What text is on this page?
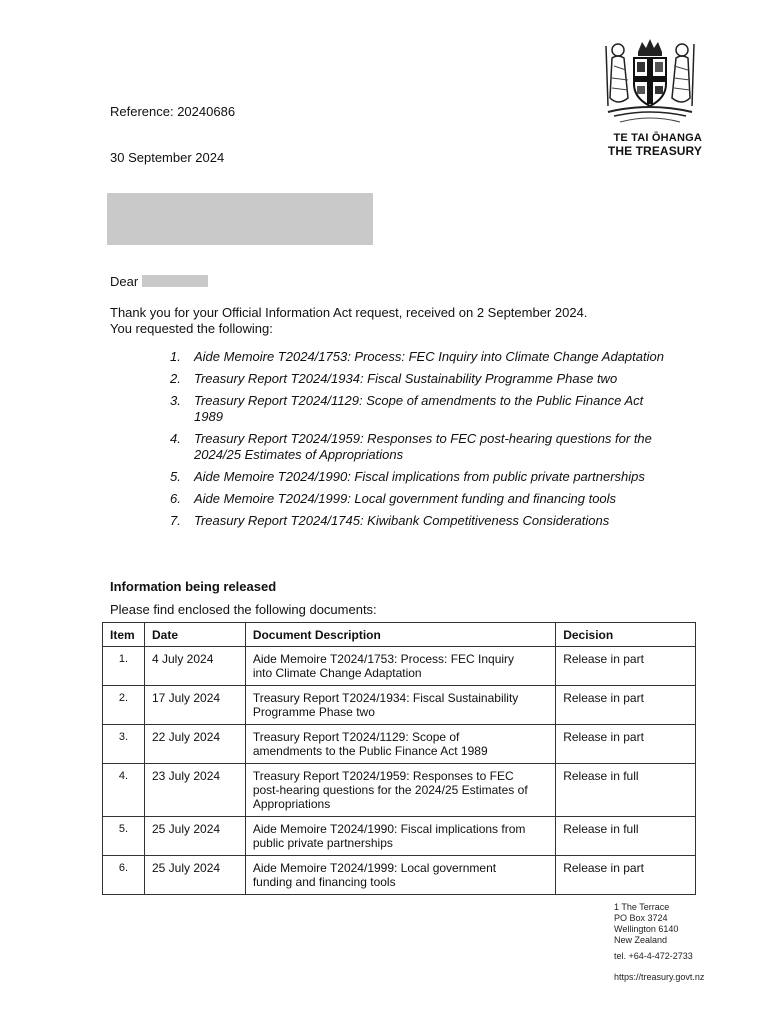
TE TAI ŌHANGA
THE TREASURY
Reference: 20240686
30 September 2024
Dear
Thank you for your Official Information Act request, received on 2 September 2024.
You requested the following:
1. Aide Memoire T2024/1753: Process: FEC Inquiry into Climate Change Adaptation
2. Treasury Report T2024/1934: Fiscal Sustainability Programme Phase two
3. Treasury Report T2024/1129: Scope of amendments to the Public Finance Act 1989
4. Treasury Report T2024/1959: Responses to FEC post-hearing questions for the 2024/25 Estimates of Appropriations
5. Aide Memoire T2024/1990: Fiscal implications from public private partnerships
6. Aide Memoire T2024/1999: Local government funding and financing tools
7. Treasury Report T2024/1745: Kiwibank Competitiveness Considerations
Information being released
Please find enclosed the following documents:
Item	Date	Document Description	Decision
1.	4 July 2024	Aide Memoire T2024/1753: Process: FEC Inquiry
into Climate Change Adaptation	Release in part
2.	17 July 2024	Treasury Report T2024/1934: Fiscal Sustainability
Programme Phase two	Release in part
3.	22 July 2024	Treasury Report T2024/1129: Scope of
amendments to the Public Finance Act 1989	Release in part
4.	23 July 2024	Treasury Report T2024/1959: Responses to FEC
post-hearing questions for the 2024/25 Estimates of
Appropriations	Release in full
5.	25 July 2024	Aide Memoire T2024/1990: Fiscal implications from
public private partnerships	Release in full
6.	25 July 2024	Aide Memoire T2024/1999: Local government
funding and financing tools	Release in part
1 The Terrace
PO Box 3724
Wellington 6140
New Zealand
tel. +64-4-472-2733
https://treasury.govt.nz
